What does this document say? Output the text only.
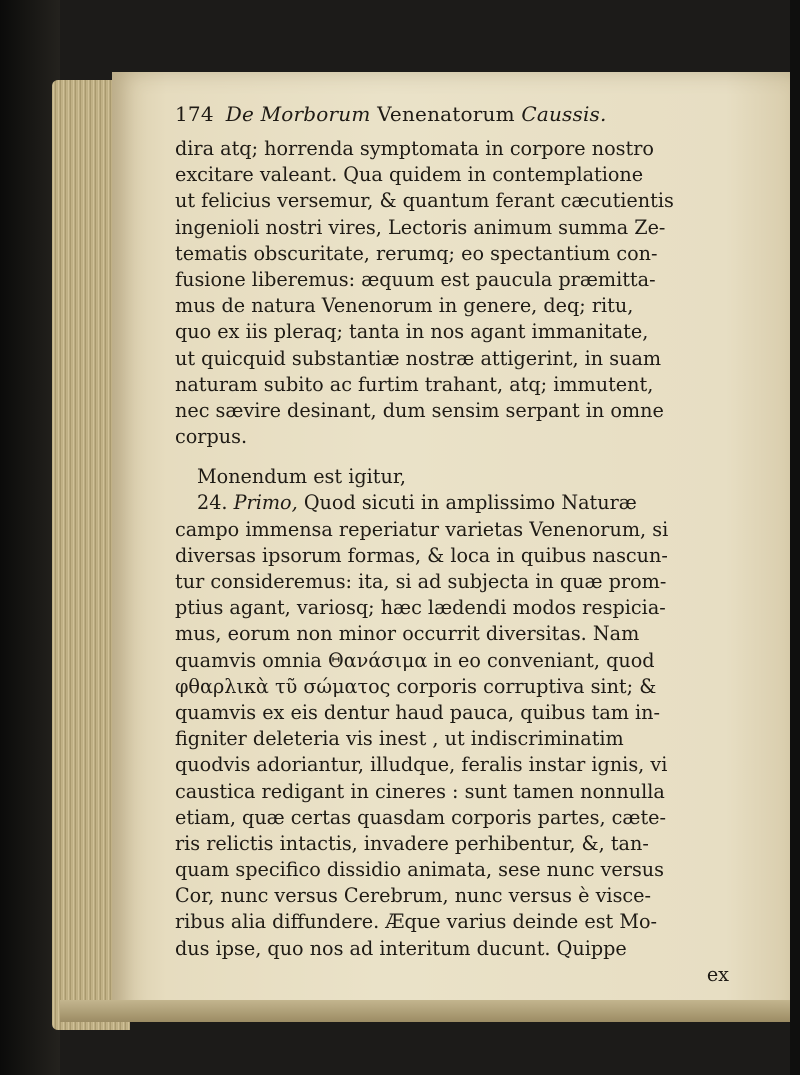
174 De Morborum Venenatorum Caussis.
dira atq; horrenda symptomata in corpore nostro
excitare valeant. Qua quidem in contemplatione
ut felicius versemur, & quantum ferant cæcutientis
ingenioli nostri vires, Lectoris animum summa Ze-
tematis obscuritate, rerumq; eo spectantium con-
fusione liberemus: æquum est paucula præmitta-
mus de natura Venenorum in genere, deq; ritu,
quo ex iis pleraq; tanta in nos agant immanitate,
ut quicquid substantiæ nostræ attigerint, in suam
naturam subito ac furtim trahant, atq; immutent,
nec sævire desinant, dum sensim serpant in omne
corpus.
Monendum est igitur,
24. Primo, Quod sicuti in amplissimo Naturæ
campo immensa reperiatur varietas Venenorum, si
diversas ipsorum formas, & loca in quibus nascun-
tur consideremus: ita, si ad subjecta in quæ prom-
ptius agant, variosq; hæc lædendi modos respicia-
mus, eorum non minor occurrit diversitas. Nam
quamvis omnia Θανάσιμα in eo conveniant, quod
φθαρλικὰ τῦ σώματος corporis corruptiva sint; &
quamvis ex eis dentur haud pauca, quibus tam in-
figniter deleteria vis inest , ut indiscriminatim
quodvis adoriantur, illudque, feralis instar ignis, vi
caustica redigant in cineres : sunt tamen nonnulla
etiam, quæ certas quasdam corporis partes, cæte-
ris relictis intactis, invadere perhibentur, &, tan-
quam specifico dissidio animata, sese nunc versus
Cor, nunc versus Cerebrum, nunc versus è visce-
ribus alia diffundere. Æque varius deinde est Mo-
dus ipse, quo nos ad interitum ducunt. Quippe
ex
